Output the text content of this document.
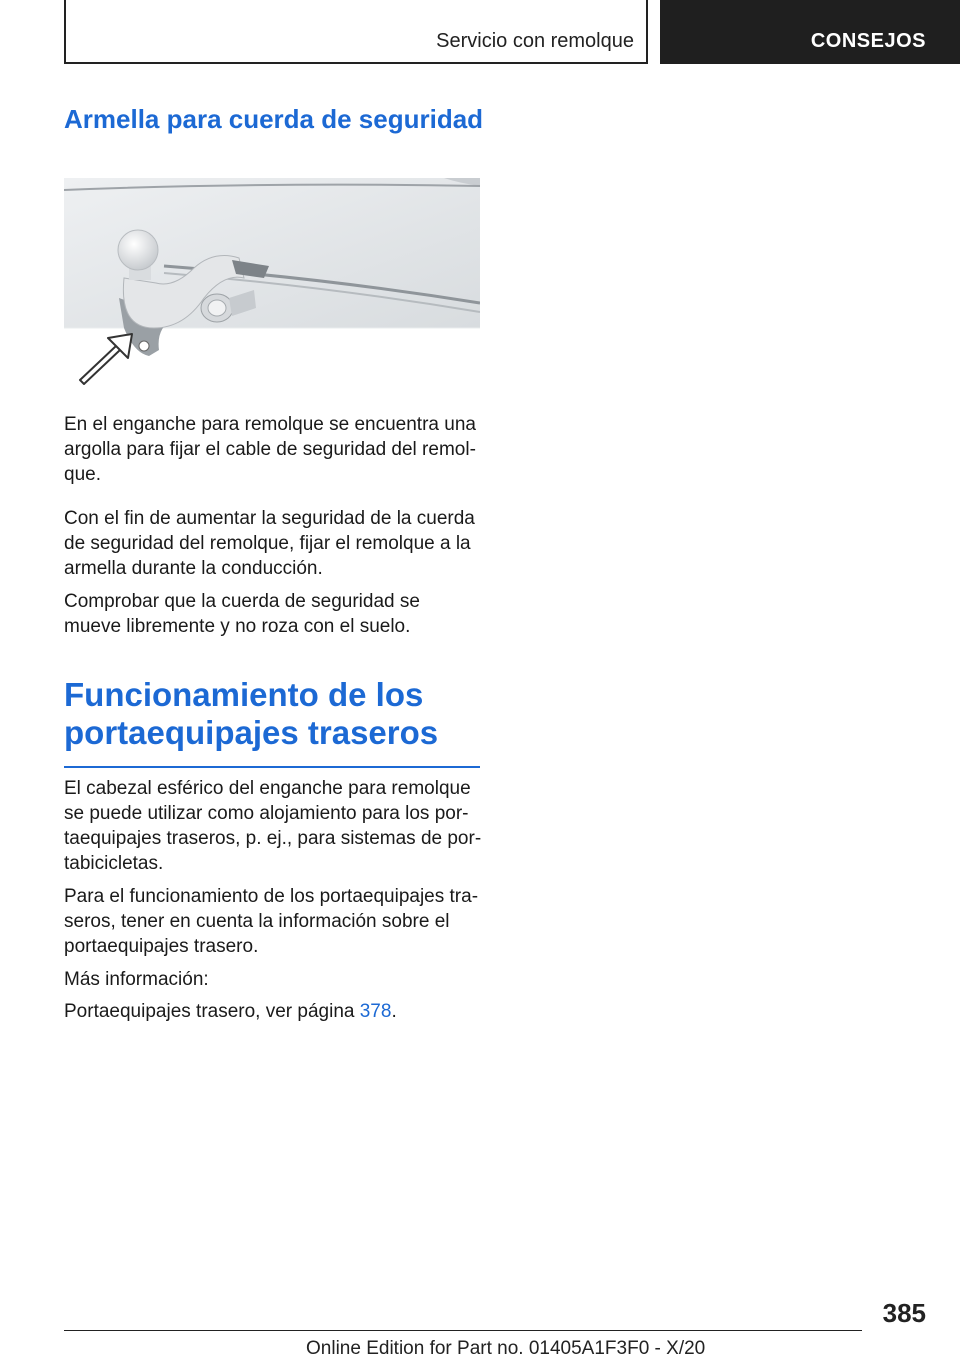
Servicio con remolque	CONSEJOS
Armella para cuerda de seguridad

En el enganche para remolque se encuentra una argolla para fijar el cable de seguridad del remol‐ que.

Con el fin de aumentar la seguridad de la cuerda de seguridad del remolque, fijar el remolque a la armella durante la conducción.

Comprobar que la cuerda de seguridad se mueve libremente y no roza con el suelo.

Funcionamiento de los portaequipajes traseros

El cabezal esférico del enganche para remolque se puede utilizar como alojamiento para los por‐ taequipajes traseros, p. ej., para sistemas de por‐ tabicicletas.

Para el funcionamiento de los portaequipajes tra‐ seros, tener en cuenta la información sobre el portaequipajes trasero.

Más información:

Portaequipajes trasero, ver página 378.

385
Online Edition for Part no. 01405A1F3F0 - X/20
